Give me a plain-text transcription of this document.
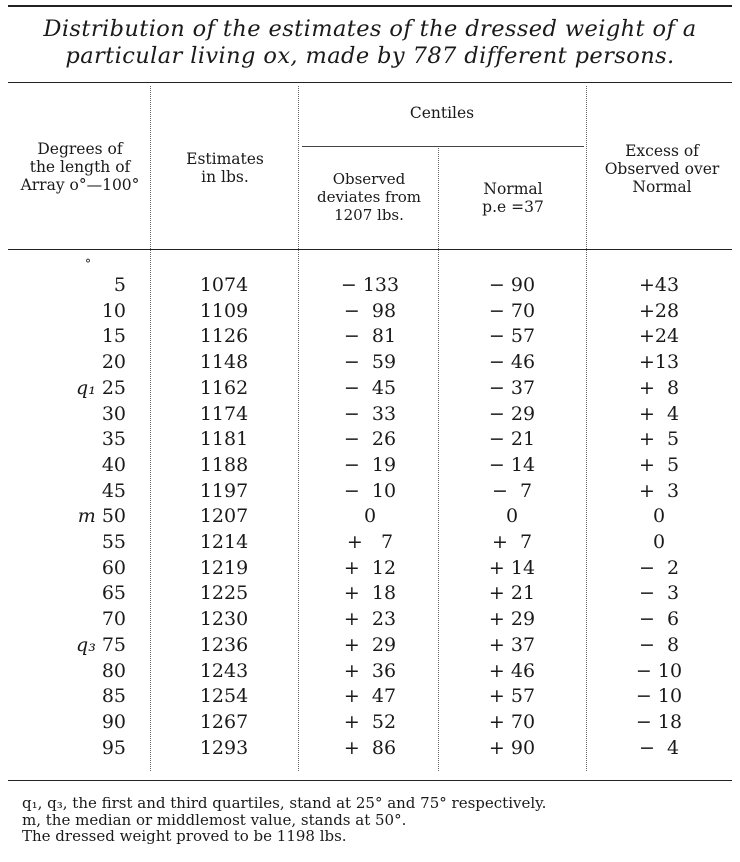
Distribution of the estimates of the dressed weight of a
particular living ox, made by 787 different persons.
Degrees of
the length of
Array o°—100°
Estimates
in lbs.
Centiles
Observed
deviates from
1207 lbs.
Normal
p.e =37
Excess of
Observed over
Normal
°
5	1074	− 133	− 90	+43
10	1109	−  98	− 70	+28
15	1126	−  81	− 57	+24
20	1148	−  59	− 46	+13
q₁ 25	1162	−  45	− 37	+  8
30	1174	−  33	− 29	+  4
35	1181	−  26	− 21	+  5
40	1188	−  19	− 14	+  5
45	1197	−  10	−  7	+  3
m 50	1207	0	0	0
55	1214	+   7	+  7	0
60	1219	+  12	+ 14	−  2
65	1225	+  18	+ 21	−  3
70	1230	+  23	+ 29	−  6
q₃ 75	1236	+  29	+ 37	−  8
80	1243	+  36	+ 46	− 10
85	1254	+  47	+ 57	− 10
90	1267	+  52	+ 70	− 18
95	1293	+  86	+ 90	−  4
q₁, q₃, the first and third quartiles, stand at 25° and 75° respectively.
m, the median or middlemost value, stands at 50°.
The dressed weight proved to be 1198 lbs.
